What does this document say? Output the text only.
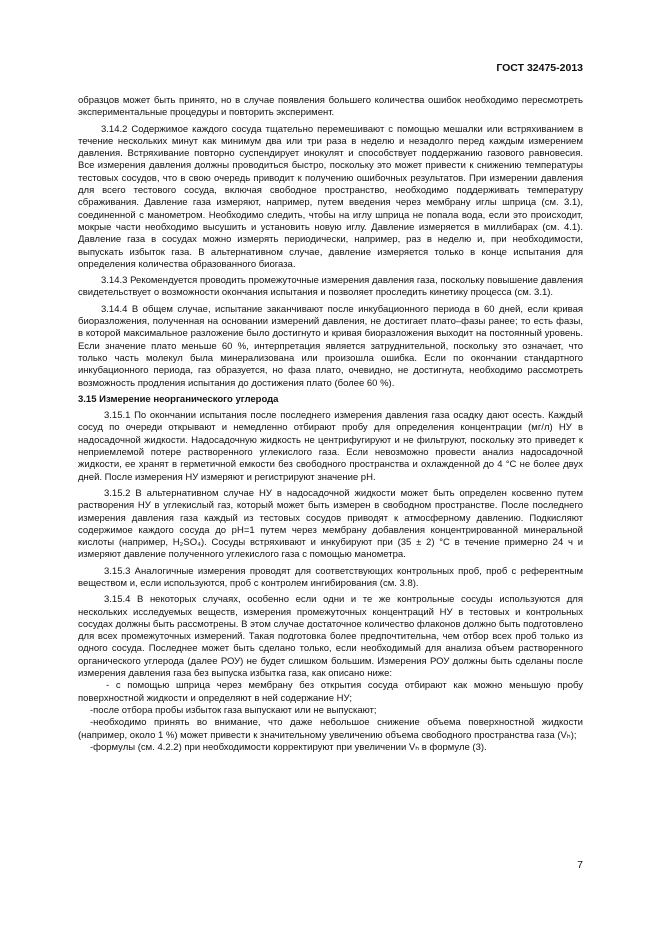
ГОСТ 32475-2013

образцов может быть принято, но в случае появления большего количества ошибок необходимо пересмотреть экспериментальные процедуры и повторить эксперимент.

3.14.2 Содержимое каждого сосуда тщательно перемешивают с помощью мешалки или встряхиванием в течение нескольких минут как минимум два или три раза в неделю и незадолго перед каждым измерением давления. Встряхивание повторно суспендирует инокулят и способствует поддержанию газового равновесия. Все измерения давления должны проводиться быстро, поскольку это может привести к снижению температуры тестовых сосудов, что в свою очередь приводит к получению ошибочных результатов. При измерении давления для всего тестового сосуда, включая свободное пространство, необходимо поддерживать температуру сбраживания. Давление газа измеряют, например, путем введения через мембрану иглы шприца (см. 3.1), соединенной с манометром. Необходимо следить, чтобы на иглу шприца не попала вода, если это происходит, мокрые части необходимо высушить и установить новую иглу. Давление измеряется в миллибарах (см. 4.1). Давление газа в сосудах можно измерять периодически, например, раз в неделю и, при необходимости, выпускать избыток газа. В альтернативном случае, давление измеряется только в конце испытания для определения количества образованного биогаза.

3.14.3 Рекомендуется проводить промежуточные измерения давления газа, поскольку повышение давления свидетельствует о возможности окончания испытания и позволяет проследить кинетику процесса (см. 3.1).

3.14.4 В общем случае, испытание заканчивают после инкубационного периода в 60 дней, если кривая биоразложения, полученная на основании измерений давления, не достигает плато–фазы ранее; то есть фазы, в которой максимальное разложение было достигнуто и кривая биоразложения выходит на постоянный уровень. Если значение плато меньше 60 %, интерпретация является затруднительной, поскольку это означает, что только часть молекул была минерализована или произошла ошибка. Если по окончании стандартного инкубационного периода, газ образуется, но фаза плато, очевидно, не достигнута, необходимо рассмотреть возможность продления испытания до достижения плато (более 60 %).

3.15 Измерение неорганического углерода

3.15.1 По окончании испытания после последнего измерения давления газа осадку дают осесть. Каждый сосуд по очереди открывают и немедленно отбирают пробу для определения концентрации (мг/л) НУ в надосадочной жидкости. Надосадочную жидкость не центрифугируют и не фильтруют, поскольку это приведет к неприемлемой потере растворенного углекислого газа. Если невозможно провести анализ надосадочной жидкости, ее хранят в герметичной емкости без свободного пространства и охлажденной до 4 °С не более двух дней. После измерения НУ измеряют и регистрируют значение рН.

3.15.2 В альтернативном случае НУ в надосадочной жидкости может быть определен косвенно путем растворения НУ в углекислый газ, который может быть измерен в свободном пространстве. После последнего измерения давления газа каждый из тестовых сосудов приводят к атмосферному давлению. Подкисляют содержимое каждого сосуда до рН=1 путем через мембрану добавления концентрированной минеральной кислоты (например, H₂SO₄). Сосуды встряхивают и инкубируют при (35 ± 2) °С в течение примерно 24 ч и измеряют давление полученного углекислого газа с помощью манометра.

3.15.3 Аналогичные измерения проводят для соответствующих контрольных проб, проб с референтным веществом и, если используются, проб с контролем ингибирования (см. 3.8).

3.15.4 В некоторых случаях, особенно если одни и те же контрольные сосуды используются для нескольких исследуемых веществ, измерения промежуточных концентраций НУ в тестовых и контрольных сосудах должны быть рассмотрены. В этом случае достаточное количество флаконов должно быть подготовлено для всех промежуточных измерений. Такая подготовка более предпочтительна, чем отбор всех проб только из одного сосуда. Последнее может быть сделано только, если необходимый для анализа объем растворенного органического углерода (далее РОУ) не будет слишком большим. Измерения РОУ должны быть сделаны после измерения давления газа без выпуска избытка газа, как описано ниже:

- с помощью шприца через мембрану без открытия сосуда отбирают как можно меньшую пробу поверхностной жидкости и определяют в ней содержание НУ;

-после отбора пробы избыток газа выпускают или не выпускают;

-необходимо принять во внимание, что даже небольшое снижение объема поверхностной жидкости (например, около 1 %) может привести к значительному увеличению объема свободного пространства газа (Vₕ);

-формулы (см. 4.2.2) при необходимости корректируют при увеличении Vₕ в формуле (3).

7
